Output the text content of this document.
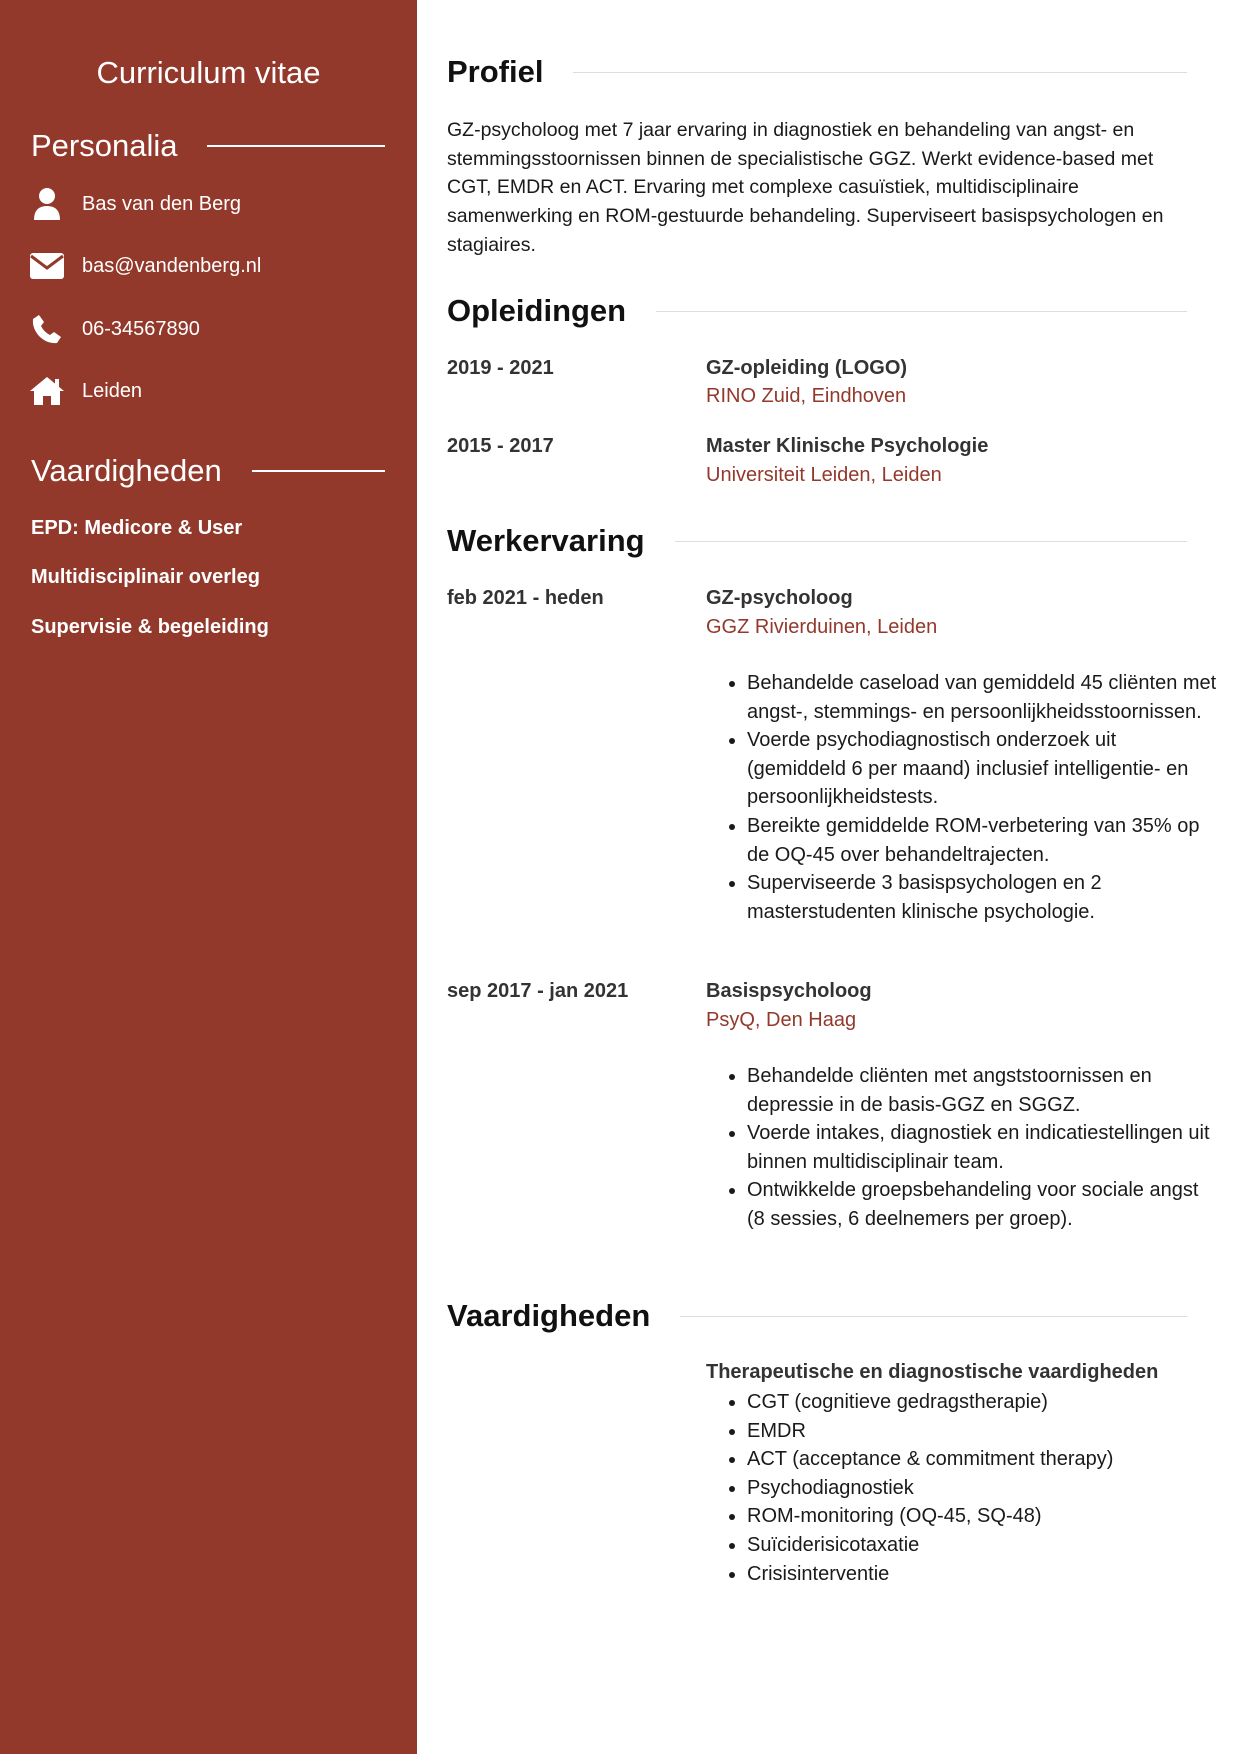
Curriculum vitae
Personalia
Bas van den Berg
bas@vandenberg.nl
06-34567890
Leiden
Vaardigheden
EPD: Medicore & User
Multidisciplinair overleg
Supervisie & begeleiding
Profiel
GZ-psycholoog met 7 jaar ervaring in diagnostiek en behandeling van angst- en stemmingsstoornissen binnen de specialistische GGZ. Werkt evidence-based met CGT, EMDR en ACT. Ervaring met complexe casuïstiek, multidisciplinaire samenwerking en ROM-gestuurde behandeling. Superviseert basispsychologen en stagiaires.
Opleidingen
2019 - 2021	GZ-opleiding (LOGO)
RINO Zuid, Eindhoven
2015 - 2017	Master Klinische Psychologie
Universiteit Leiden, Leiden
Werkervaring
feb 2021 - heden	GZ-psycholoog
GGZ Rivierduinen, Leiden
• Behandelde caseload van gemiddeld 45 cliënten met angst-, stemmings- en persoonlijkheidsstoornissen.
• Voerde psychodiagnostisch onderzoek uit (gemiddeld 6 per maand) inclusief intelligentie- en persoonlijkheidstests.
• Bereikte gemiddelde ROM-verbetering van 35% op de OQ-45 over behandeltrajecten.
• Superviseerde 3 basispsychologen en 2 masterstudenten klinische psychologie.
sep 2017 - jan 2021	Basispsycholoog
PsyQ, Den Haag
• Behandelde cliënten met angststoornissen en depressie in de basis-GGZ en SGGZ.
• Voerde intakes, diagnostiek en indicatiestellingen uit binnen multidisciplinair team.
• Ontwikkelde groepsbehandeling voor sociale angst (8 sessies, 6 deelnemers per groep).
Vaardigheden
Therapeutische en diagnostische vaardigheden
• CGT (cognitieve gedragstherapie)
• EMDR
• ACT (acceptance & commitment therapy)
• Psychodiagnostiek
• ROM-monitoring (OQ-45, SQ-48)
• Suïciderisicotaxatie
• Crisisinterventie
